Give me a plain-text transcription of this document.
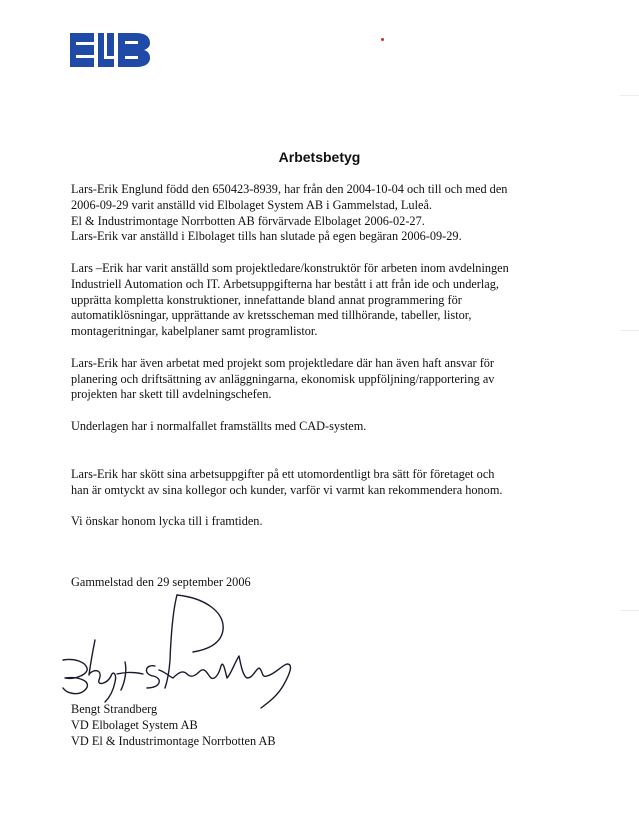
Arbetsbetyg

Lars-Erik Englund född den 650423-8939, har från den 2004-10-04 och till och med den
2006-09-29 varit anställd vid Elbolaget System AB i Gammelstad, Luleå.
El & Industrimontage Norrbotten AB förvärvade Elbolaget 2006-02-27.
Lars-Erik var anställd i Elbolaget tills han slutade på egen begäran 2006-09-29.

Lars –Erik har varit anställd som projektledare/konstruktör för arbeten inom avdelningen
Industriell Automation och IT. Arbetsuppgifterna har bestått i att från ide och underlag,
upprätta kompletta konstruktioner, innefattande bland annat programmering för
automatiklösningar, upprättande av kretsscheman med tillhörande, tabeller, listor,
montageritningar, kabelplaner samt programlistor.

Lars-Erik har även arbetat med projekt som projektledare där han även haft ansvar för
planering och driftsättning av anläggningarna, ekonomisk uppföljning/rapportering av
projekten har skett till avdelningschefen.

Underlagen har i normalfallet framställts med CAD-system.

Lars-Erik har skött sina arbetsuppgifter på ett utomordentligt bra sätt för företaget och
han är omtyckt av sina kollegor och kunder, varför vi varmt kan rekommendera honom.

Vi önskar honom lycka till i framtiden.

Gammelstad den 29 september 2006
Bengt Strandberg
VD Elbolaget System AB
VD El & Industrimontage Norrbotten AB
